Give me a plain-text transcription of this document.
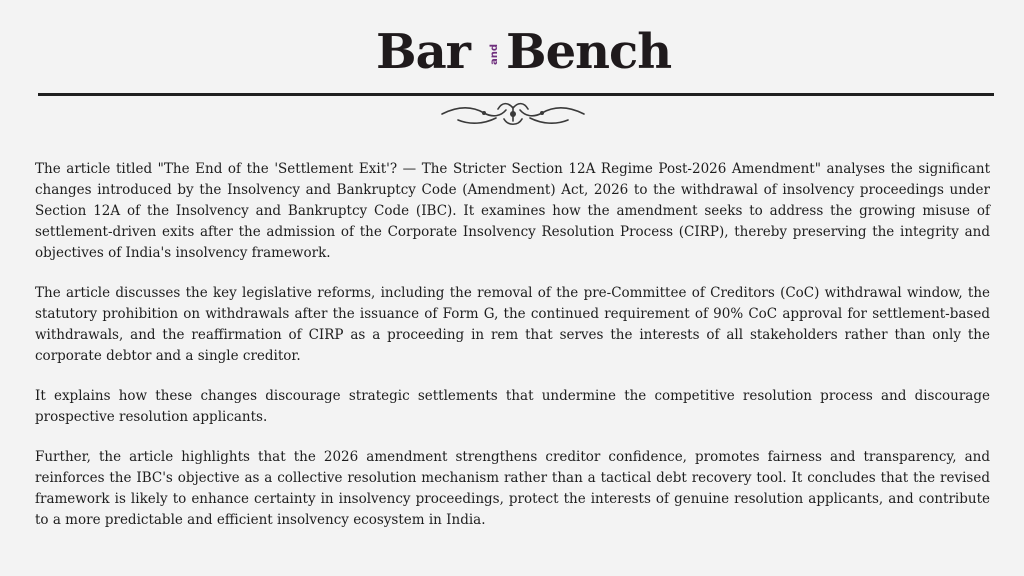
Bar	and Bench

The article titled "The End of the 'Settlement Exit'? — The Stricter Section 12A Regime Post-2026 Amendment" analyses the significant changes introduced by the Insolvency and Bankruptcy Code (Amendment) Act, 2026 to the withdrawal of insolvency proceedings under Section 12A of the Insolvency and Bankruptcy Code (IBC). It examines how the amendment seeks to address the growing misuse of settlement-driven exits after the admission of the Corporate Insolvency Resolution Process (CIRP), thereby preserving the integrity and objectives of India's insolvency framework.

The article discusses the key legislative reforms, including the removal of the pre-Committee of Creditors (CoC) withdrawal window, the statutory prohibition on withdrawals after the issuance of Form G, the continued requirement of 90% CoC approval for settlement-based withdrawals, and the reaffirmation of CIRP as a proceeding in rem that serves the interests of all stakeholders rather than only the corporate debtor and a single creditor.

It explains how these changes discourage strategic settlements that undermine the competitive resolution process and discourage prospective resolution applicants.

Further, the article highlights that the 2026 amendment strengthens creditor confidence, promotes fairness and transparency, and reinforces the IBC's objective as a collective resolution mechanism rather than a tactical debt recovery tool. It concludes that the revised framework is likely to enhance certainty in insolvency proceedings, protect the interests of genuine resolution applicants, and contribute to a more predictable and efficient insolvency ecosystem in India.
